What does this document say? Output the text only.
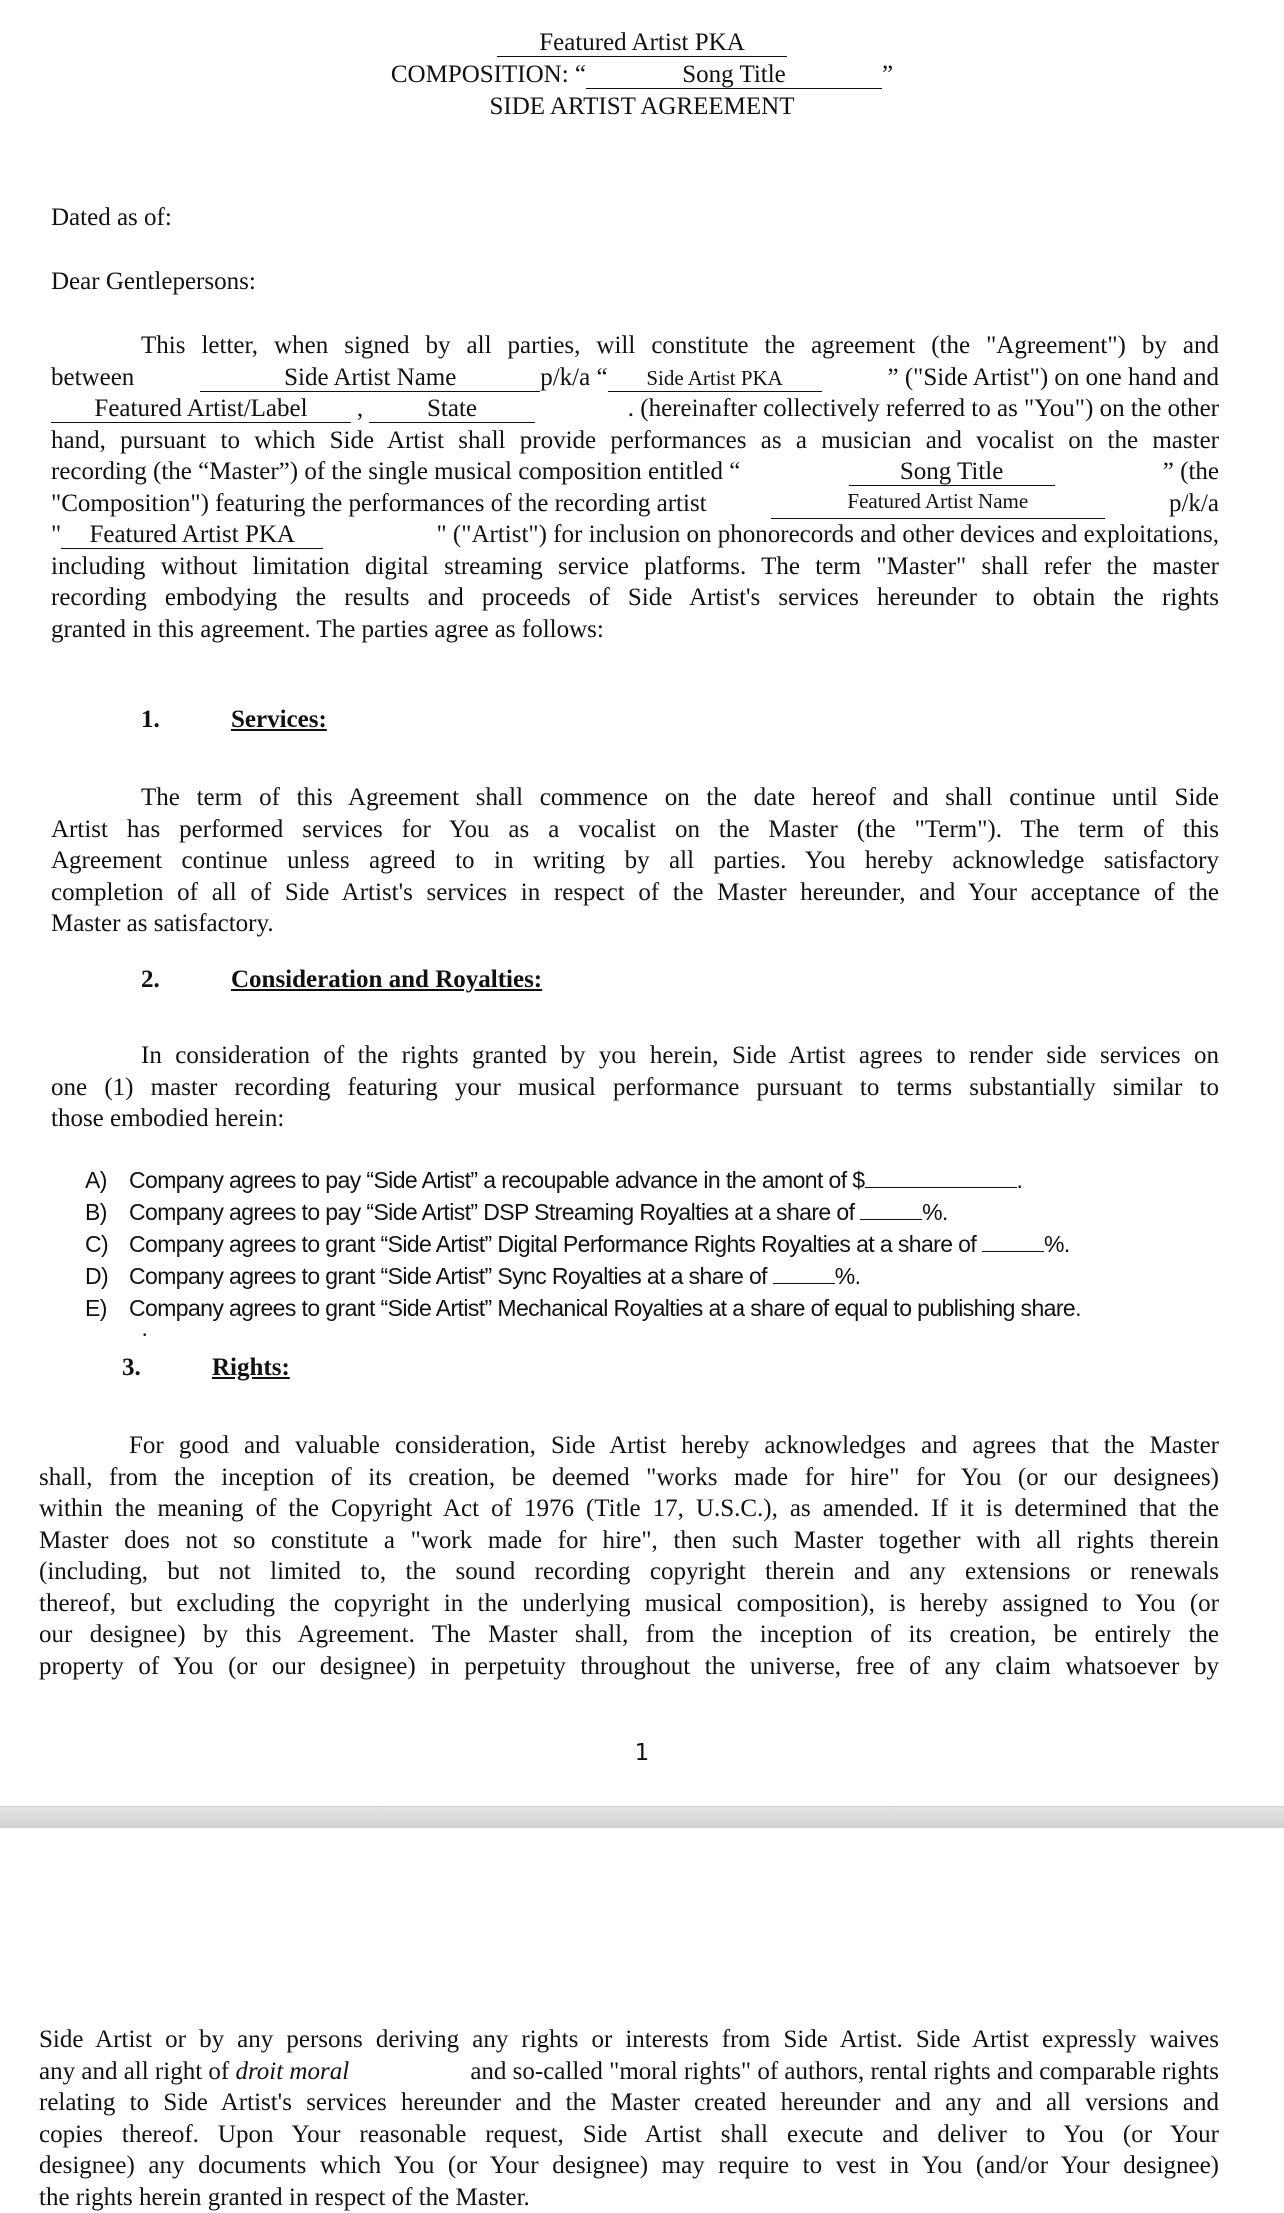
Featured Artist PKA
COMPOSITION: “	Song Title	”
SIDE ARTIST AGREEMENT
Dated as of:
Dear Gentlepersons:
This letter, when signed by all parties, will constitute the agreement (the "Agreement") by and
between	Side Artist Name	p/k/a “ Side Artist PKA	” ("Side Artist") on one hand and
Featured Artist/Label ,	State	. (hereinafter collectively referred to as "You") on the other
hand, pursuant to which Side Artist shall provide performances as a musician and vocalist on the master
recording (the “Master”) of the single musical composition entitled “	Song Title	” (the
"Composition") featuring the performances of the recording artist	Featured Artist Name	p/k/a
" Featured Artist PKA	" ("Artist") for inclusion on phonorecords and other devices and exploitations,
including without limitation digital streaming service platforms. The term "Master" shall refer the master
recording embodying the results and proceeds of Side Artist's services hereunder to obtain the rights
granted in this agreement. The parties agree as follows:
1.	Services:
The term of this Agreement shall commence on the date hereof and shall continue until Side
Artist has performed services for You as a vocalist on the Master (the "Term"). The term of this
Agreement continue unless agreed to in writing by all parties. You hereby acknowledge satisfactory
completion of all of Side Artist's services in respect of the Master hereunder, and Your acceptance of the
Master as satisfactory.
2.	Consideration and Royalties:
In consideration of the rights granted by you herein, Side Artist agrees to render side services on
one (1) master recording featuring your musical performance pursuant to terms substantially similar to
those embodied herein:
A) Company agrees to pay “Side Artist” a recoupable advance in the amont of $	.
B) Company agrees to pay “Side Artist” DSP Streaming Royalties at a share of	%.
C) Company agrees to grant “Side Artist” Digital Performance Rights Royalties at a share of	%.
D) Company agrees to grant “Side Artist” Sync Royalties at a share of	%.
E) Company agrees to grant “Side Artist” Mechanical Royalties at a share of equal to publishing share.
.
3.	Rights:
For good and valuable consideration, Side Artist hereby acknowledges and agrees that the Master
shall, from the inception of its creation, be deemed "works made for hire" for You (or our designees)
within the meaning of the Copyright Act of 1976 (Title 17, U.S.C.), as amended. If it is determined that the
Master does not so constitute a "work made for hire", then such Master together with all rights therein
(including, but not limited to, the sound recording copyright therein and any extensions or renewals
thereof, but excluding the copyright in the underlying musical composition), is hereby assigned to You (or
our designee) by this Agreement. The Master shall, from the inception of its creation, be entirely the
property of You (or our designee) in perpetuity throughout the universe, free of any claim whatsoever by
1
Side Artist or by any persons deriving any rights or interests from Side Artist. Side Artist expressly waives
any and all right of droit moral	and so-called "moral rights" of authors, rental rights and comparable rights
relating to Side Artist's services hereunder and the Master created hereunder and any and all versions and
copies thereof. Upon Your reasonable request, Side Artist shall execute and deliver to You (or Your
designee) any documents which You (or Your designee) may require to vest in You (and/or Your designee)
the rights herein granted in respect of the Master.
